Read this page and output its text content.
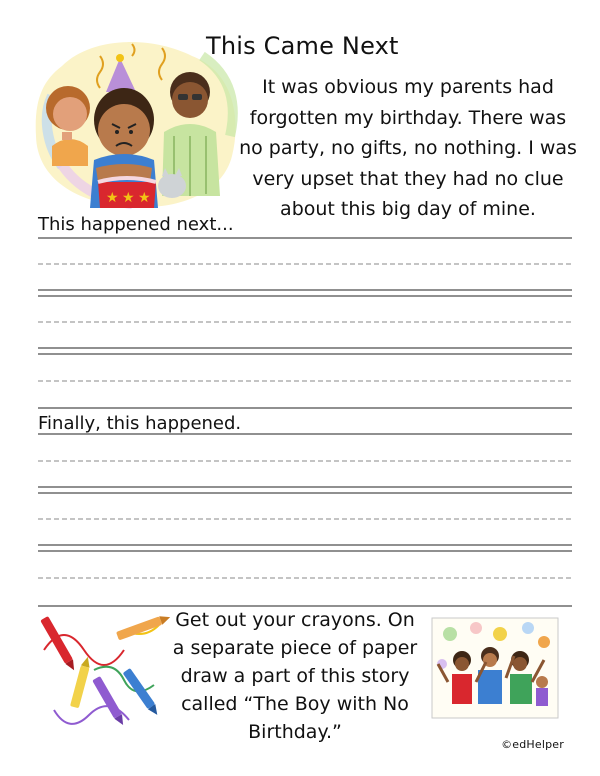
★ ★ ★
This Came Next
It was obvious my parents had forgotten my birthday. There was no party, no gifts, no nothing. I was very upset that they had no clue about this big day of mine.
This happened next...
Finally, this happened.
Get out your crayons. On a separate piece of paper draw a part of this story called “The Boy with No Birthday.”
©edHelper
